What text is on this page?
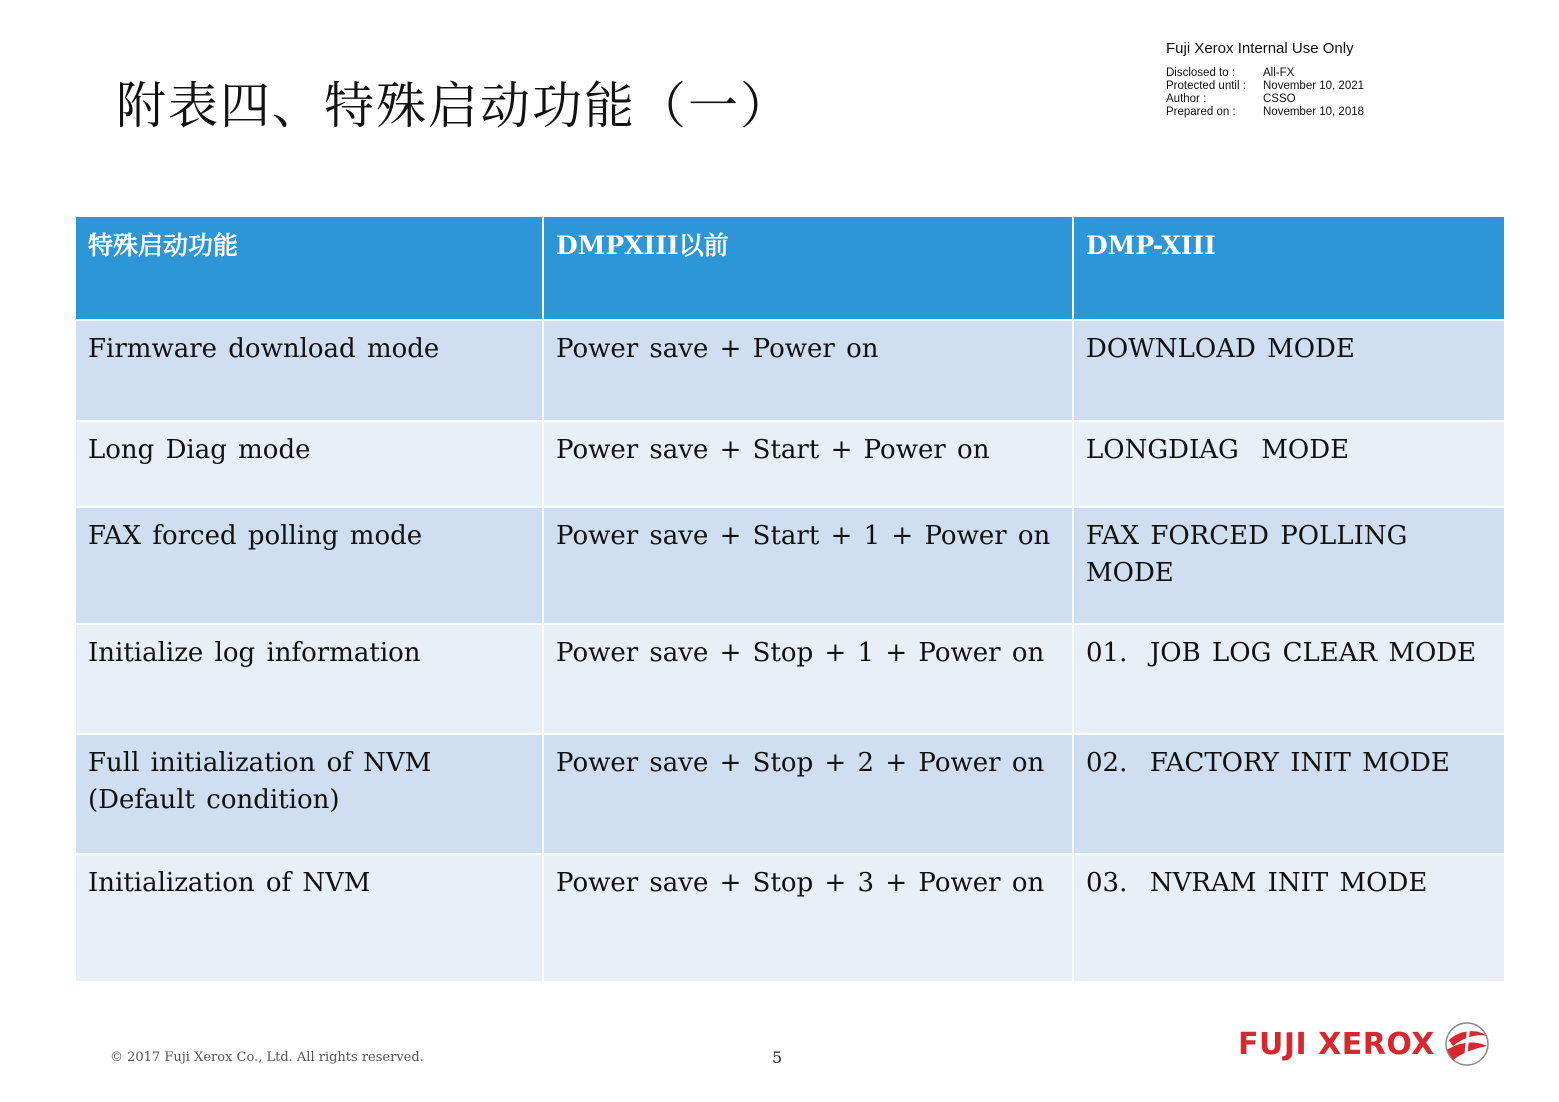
附表四、特殊启动功能（一）
Fuji Xerox Internal Use Only
Disclosed to :	All-FX
Protected until :	November 10, 2021
Author :	CSSO
Prepared on :	November 10, 2018
特殊启动功能	DMPXIII以前	DMP-XIII
Firmware download mode	Power save + Power on	DOWNLOAD MODE
Long Diag mode	Power save + Start + Power on	LONGDIAG  MODE
FAX forced polling mode	Power save + Start + 1 + Power on	FAX FORCED POLLING MODE
Initialize log information	Power save + Stop + 1 + Power on	01.  JOB LOG CLEAR MODE
Full initialization of NVM
(Default condition)	Power save + Stop + 2 + Power on	02.  FACTORY INIT MODE
Initialization of NVM	Power save + Stop + 3 + Power on	03.  NVRAM INIT MODE
© 2017 Fuji Xerox Co., Ltd. All rights reserved.	5	FUJI XEROX
